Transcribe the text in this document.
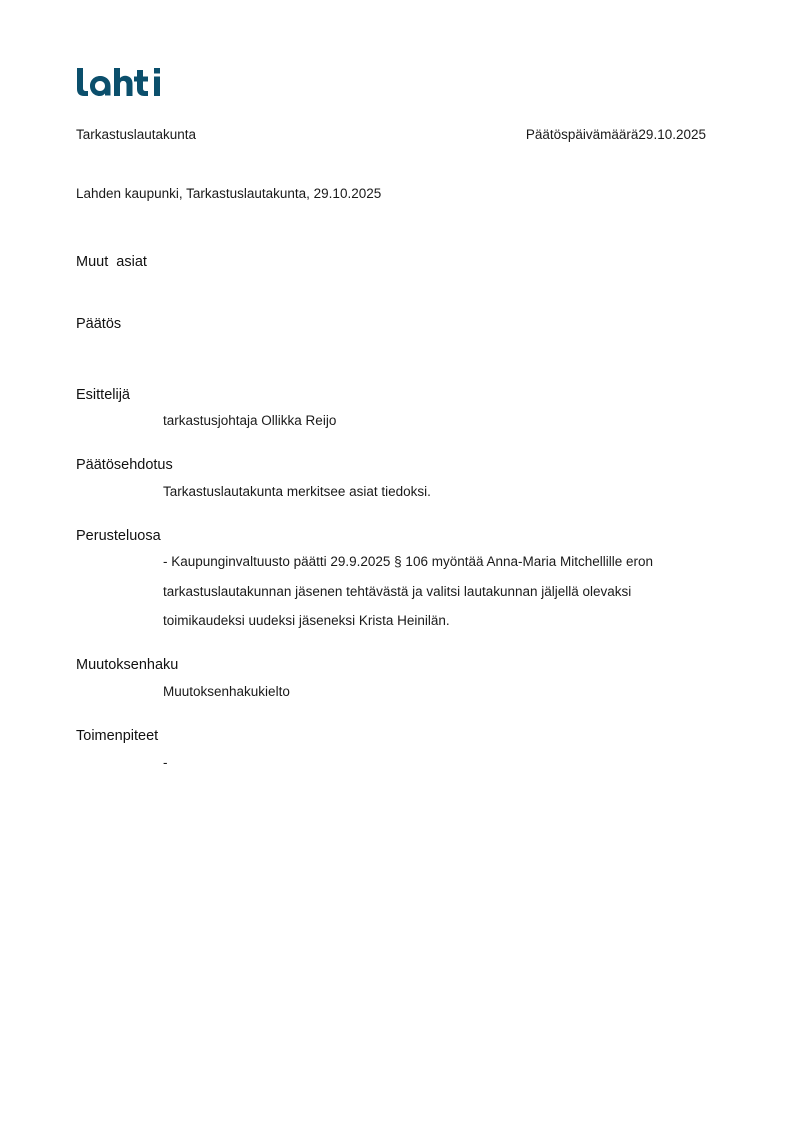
Tarkastuslautakunta	Päätöspäivämäärä29.10.2025
Lahden kaupunki, Tarkastuslautakunta, 29.10.2025
Muut  asiat
Päätös
Esittelijä
tarkastusjohtaja Ollikka Reijo
Päätösehdotus
Tarkastuslautakunta merkitsee asiat tiedoksi.
Perusteluosa
- Kaupunginvaltuusto päätti 29.9.2025 § 106 myöntää Anna-Maria Mitchellille eron
tarkastuslautakunnan jäsenen tehtävästä ja valitsi lautakunnan jäljellä olevaksi
toimikaudeksi uudeksi jäseneksi Krista Heinilän.
Muutoksenhaku
Muutoksenhakukielto
Toimenpiteet
-
